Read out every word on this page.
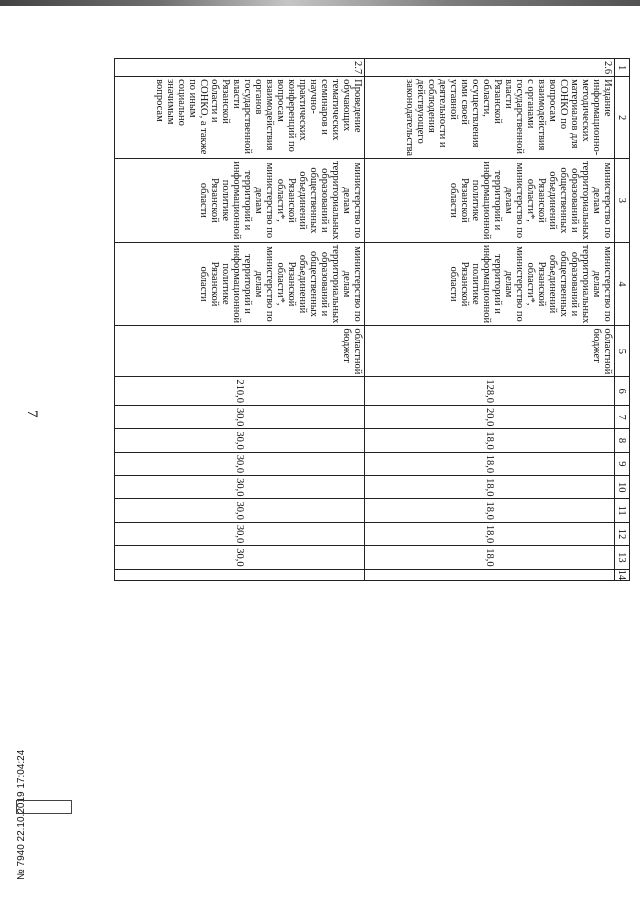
7
1	2	3	4	5	6	7	8	9	10	11	12	13	14
2.6	Издание информационно-методических материалов для СОНКО по вопросам взаимодействия с органами государственной власти Рязанской области, осуществления ими своей уставной деятельности и соблюдения действующего законодательства	министерство по делам территориальных образований и общественных объединений Рязанской области*, министерство по делам территорий и информационной политике Рязанской области	министерство по делам территориальных образований и общественных объединений Рязанской области*, министерство по делам территорий и информационной политике Рязанской области	областной бюджет	128,0	20,0	18,0	18,0	18,0	18,0	18,0	18,0	
2.7	Проведение обучающих тематических семинаров и научно-практических конференций по вопросам взаимодействия органов государственной власти Рязанской области и СОНКО, а также по иным социально значимым вопросам	министерство по делам территориальных образований и общественных объединений Рязанской области*, министерство по делам территорий и информационной политике Рязанской области	министерство по делам территориальных образований и общественных объединений Рязанской области*, министерство по делам территорий и информационной политике Рязанской области	областной бюджет	210,0	30,0	30,0	30,0	30,0	30,0	30,0	30,0	
№ 7940 22.10.2019 17:04:24
